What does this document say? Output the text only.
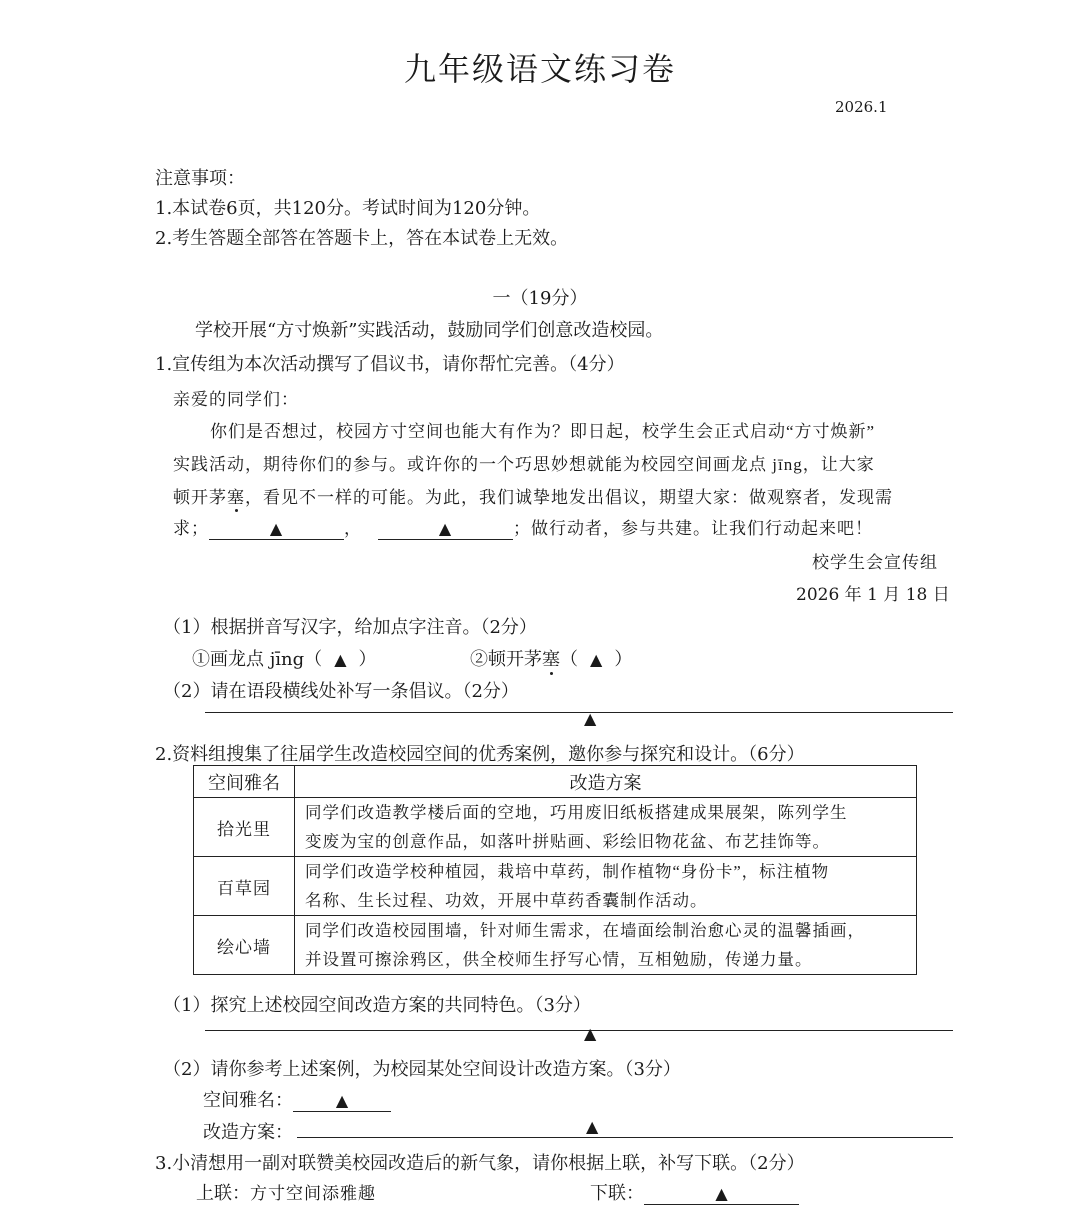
九年级语文练习卷
2026.1
注意事项：
1.本试卷6页，共120分。考试时间为120分钟。
2.考生答题全部答在答题卡上，答在本试卷上无效。
一（19分）
学校开展“方寸焕新”实践活动，鼓励同学们创意改造校园。
1.宣传组为本次活动撰写了倡议书，请你帮忙完善。（4分）
亲爱的同学们：
你们是否想过，校园方寸空间也能大有作为？即日起，校学生会正式启动“方寸焕新”
实践活动，期待你们的参与。或许你的一个巧思妙想就能为校园空间画龙点 jīng，让大家
顿开茅塞，看见不一样的可能。为此，我们诚挚地发出倡议，期望大家：做观察者，发现需
求；	▲	，	▲	；做行动者，参与共建。让我们行动起来吧！
校学生会宣传组
2026 年 1 月 18 日
（1）根据拼音写汉字，给加点字注音。（2分）
①画龙点 jīng（ ▲ ）	②顿开茅塞（ ▲ ）
（2）请在语段横线处补写一条倡议。（2分）
▲
2.资料组搜集了往届学生改造校园空间的优秀案例，邀你参与探究和设计。（6分）
空间雅名	改造方案
拾光里	同学们改造教学楼后面的空地，巧用废旧纸板搭建成果展架，陈列学生
变废为宝的创意作品，如落叶拼贴画、彩绘旧物花盆、布艺挂饰等。

百草园	同学们改造学校种植园，栽培中草药，制作植物“身份卡”，标注植物
名称、生长过程、功效，开展中草药香囊制作活动。

绘心墙	同学们改造校园围墙，针对师生需求，在墙面绘制治愈心灵的温馨插画，
并设置可擦涂鸦区，供全校师生抒写心情，互相勉励，传递力量。
（1）探究上述校园空间改造方案的共同特色。（3分）
▲
（2）请你参考上述案例，为校园某处空间设计改造方案。（3分）
空间雅名：	▲
改造方案：	▲
3.小清想用一副对联赞美校园改造后的新气象，请你根据上联，补写下联。（2分）
上联：方寸空间添雅趣	下联：	▲
